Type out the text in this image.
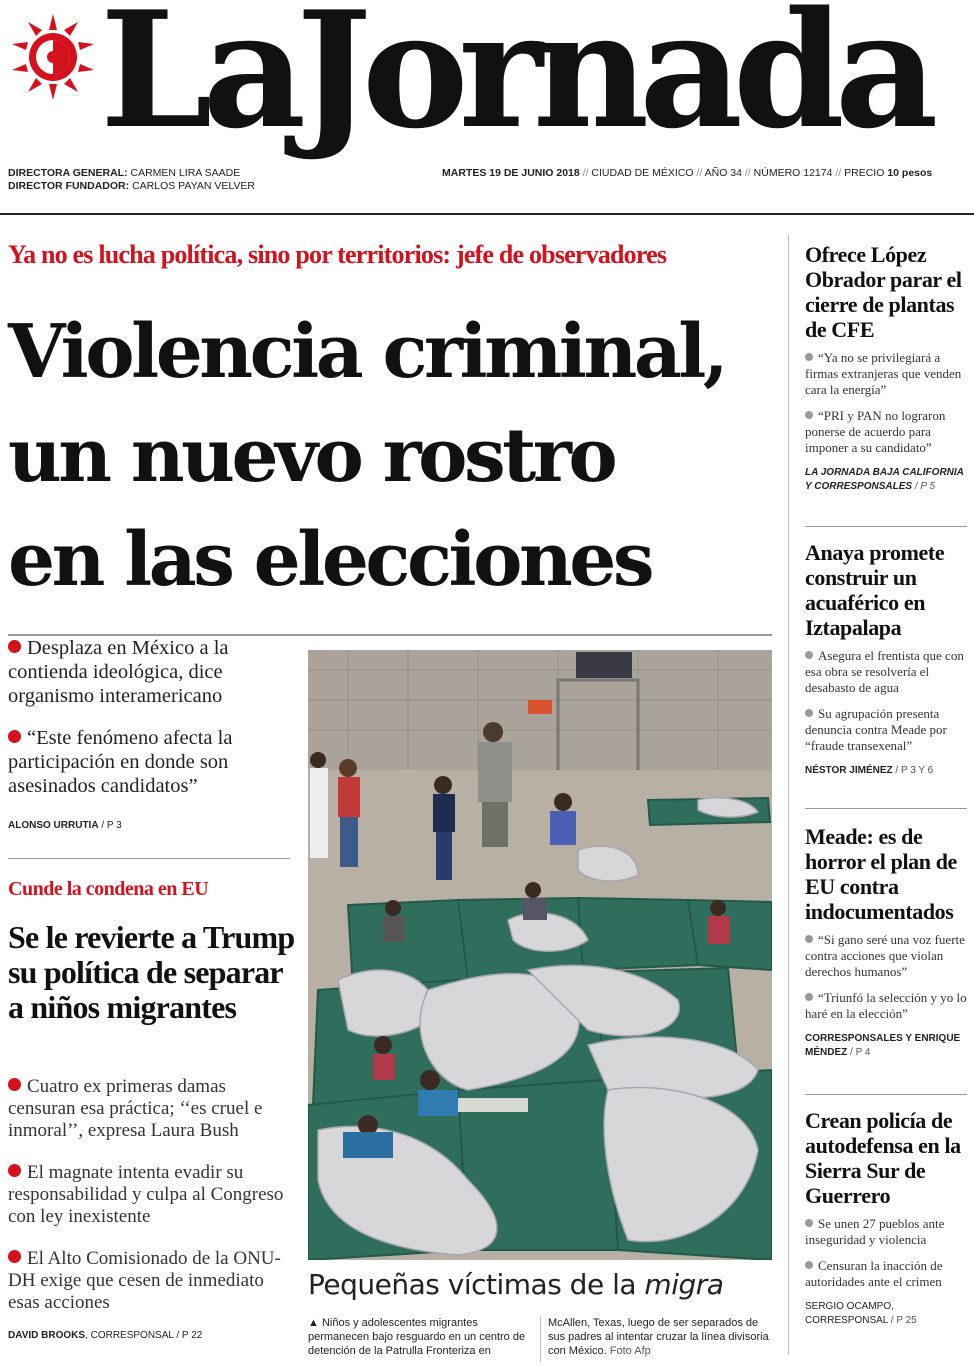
LaJornada
DIRECTORA GENERAL: CARMEN LIRA SAADE
DIRECTOR FUNDADOR: CARLOS PAYAN VELVER
MARTES 19 DE JUNIO 2018 // CIUDAD DE MÉXICO // AÑO 34 // NÚMERO 12174 // PRECIO 10 pesos
Ya no es lucha política, sino por territorios: jefe de observadores
Violencia criminal,
un nuevo rostro
en las elecciones
Desplaza en México a la contienda ideológica, dice organismo interamericano
“Este fenómeno afecta la participación en donde son asesinados candidatos”
ALONSO URRUTIA / P 3
Cunde la condena en EU
Se le revierte a Trump su política de separar a niños migrantes
Cuatro ex primeras damas censuran esa práctica; ‘‘es cruel e inmoral’’, expresa Laura Bush
El magnate intenta evadir su responsabilidad y culpa al Congreso con ley inexistente
El Alto Comisionado de la ONU-DH exige que cesen de inmediato esas acciones
DAVID BROOKS, CORRESPONSAL / P 22
Pequeñas víctimas de la migra
▲ Niños y adolescentes migrantes permanecen bajo resguardo en un centro de detención de la Patrulla Fronteriza en
McAllen, Texas, luego de ser separados de sus padres al intentar cruzar la línea divisoria con México. Foto Afp
Ofrece López Obrador parar el cierre de plantas de CFE
“Ya no se privilegiará a firmas extranjeras que venden cara la energía”
“PRI y PAN no lograron ponerse de acuerdo para imponer a su candidato”
LA JORNADA BAJA CALIFORNIA Y CORRESPONSALES / P 5
Anaya promete construir un acuaférico en Iztapalapa
Asegura el frentista que con esa obra se resolvería el desabasto de agua
Su agrupación presenta denuncia contra Meade por “fraude transexenal”
NÉSTOR JIMÉNEZ / P 3 Y 6
Meade: es de horror el plan de EU contra indocumentados
“Si gano seré una voz fuerte contra acciones que violan derechos humanos”
“Triunfó la selección y yo lo haré en la elección”
CORRESPONSALES Y ENRIQUE MÉNDEZ / P 4
Crean policía de autodefensa en la Sierra Sur de Guerrero
Se unen 27 pueblos ante inseguridad y violencia
Censuran la inacción de autoridades ante el crimen
SERGIO OCAMPO, CORRESPONSAL / P 25
